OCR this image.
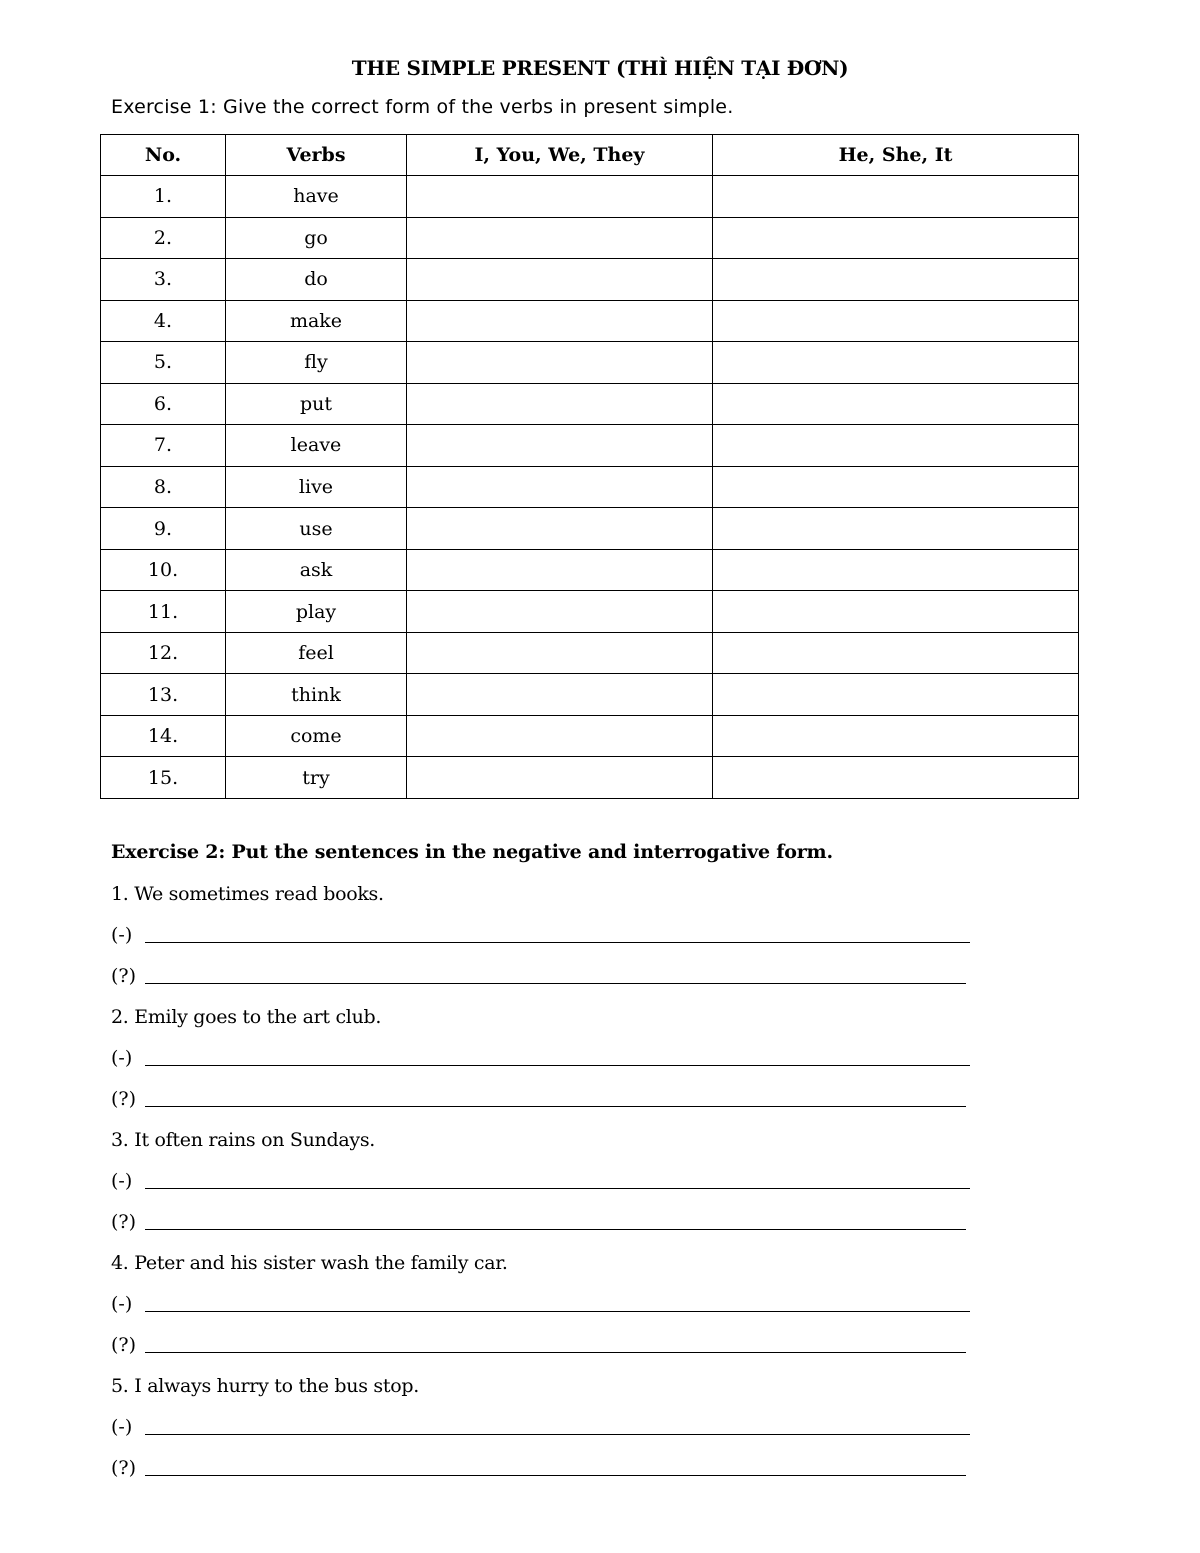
THE SIMPLE PRESENT (THÌ HIỆN TẠI ĐƠN)
Exercise 1: Give the correct form of the verbs in present simple.
No.	Verbs	I, You, We, They	He, She, It
1.	have		
2.	go		
3.	do		
4.	make		
5.	fly		
6.	put		
7.	leave		
8.	live		
9.	use		
10.	ask		
11.	play		
12.	feel		
13.	think		
14.	come		
15.	try		
Exercise 2: Put the sentences in the negative and interrogative form.
1. We sometimes read books.
(-)
(?)
2. Emily goes to the art club.
(-)
(?)
3. It often rains on Sundays.
(-)
(?)
4. Peter and his sister wash the family car.
(-)
(?)
5. I always hurry to the bus stop.
(-)
(?)
